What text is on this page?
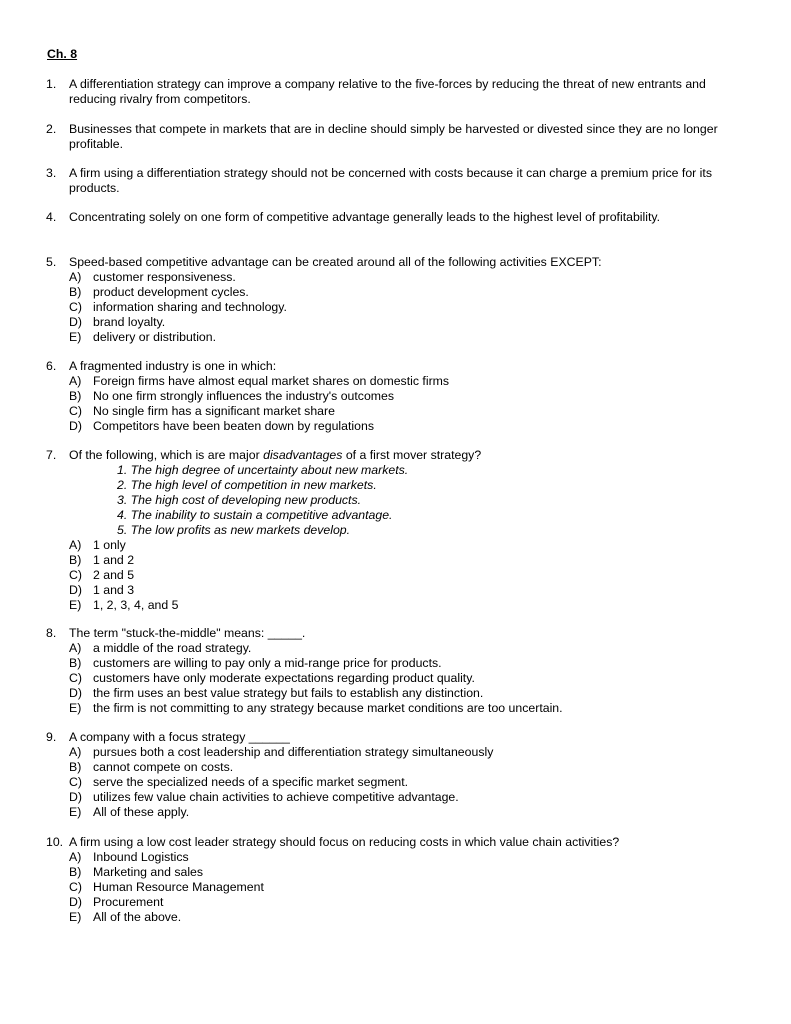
Ch. 8
1. A differentiation strategy can improve a company relative to the five-forces by reducing the threat of new entrants and reducing rivalry from competitors.
2. Businesses that compete in markets that are in decline should simply be harvested or divested since they are no longer profitable.
3. A firm using a differentiation strategy should not be concerned with costs because it can charge a premium price for its products.
4. Concentrating solely on one form of competitive advantage generally leads to the highest level of profitability.
5. Speed-based competitive advantage can be created around all of the following activities EXCEPT:
A) customer responsiveness.
B) product development cycles.
C) information sharing and technology.
D) brand loyalty.
E) delivery or distribution.
6. A fragmented industry is one in which:
A) Foreign firms have almost equal market shares on domestic firms
B) No one firm strongly influences the industry's outcomes
C) No single firm has a significant market share
D) Competitors have been beaten down by regulations
7. Of the following, which is are major disadvantages of a first mover strategy?
1. The high degree of uncertainty about new markets.
2. The high level of competition in new markets.
3. The high cost of developing new products.
4. The inability to sustain a competitive advantage.
5. The low profits as new markets develop.
A) 1 only
B) 1 and 2
C) 2 and 5
D) 1 and 3
E) 1, 2, 3, 4, and 5
8. The term "stuck-the-middle" means: _____.
A) a middle of the road strategy.
B) customers are willing to pay only a mid-range price for products.
C) customers have only moderate expectations regarding product quality.
D) the firm uses an best value strategy but fails to establish any distinction.
E) the firm is not committing to any strategy because market conditions are too uncertain.
9. A company with a focus strategy ______
A) pursues both a cost leadership and differentiation strategy simultaneously
B) cannot compete on costs.
C) serve the specialized needs of a specific market segment.
D) utilizes few value chain activities to achieve competitive advantage.
E) All of these apply.
10. A firm using a low cost leader strategy should focus on reducing costs in which value chain activities?
A) Inbound Logistics
B) Marketing and sales
C) Human Resource Management
D) Procurement
E) All of the above.
